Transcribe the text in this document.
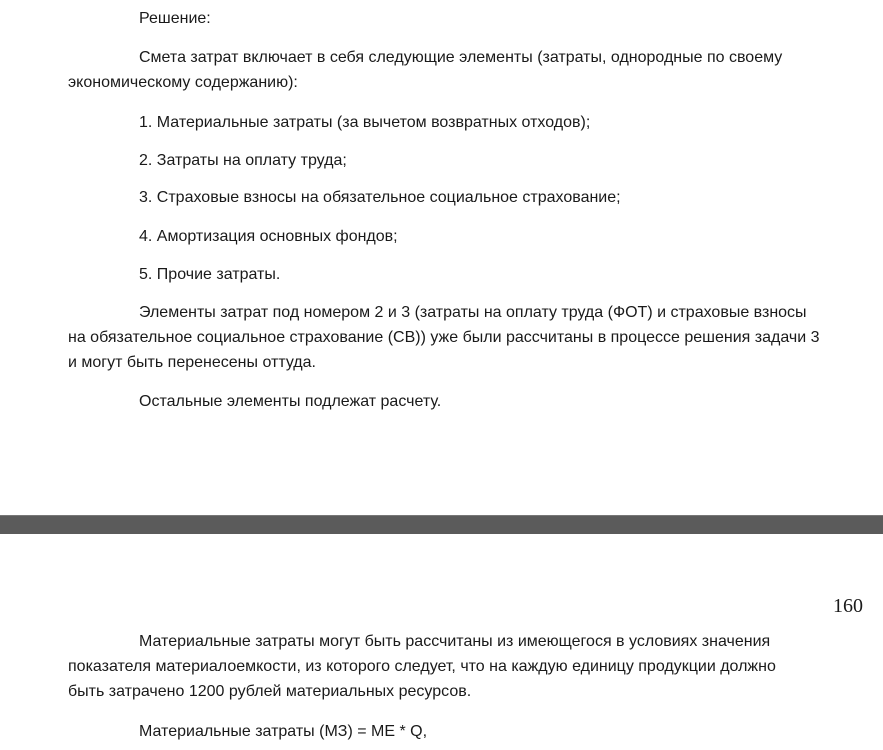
Решение:
Смета затрат включает в себя следующие элементы (затраты, однородные по своему
экономическому содержанию):
1. Материальные затраты (за вычетом возвратных отходов);
2. Затраты на оплату труда;
3. Страховые взносы на обязательное социальное страхование;
4. Амортизация основных фондов;
5. Прочие затраты.
Элементы затрат под номером 2 и 3 (затраты на оплату труда (ФОТ) и страховые взносы
на обязательное социальное страхование (СВ)) уже были рассчитаны в процессе решения задачи 3
и могут быть перенесены оттуда.
Остальные элементы подлежат расчету.
160
Материальные затраты могут быть рассчитаны из имеющегося в условиях значения
показателя материалоемкости, из которого следует, что на каждую единицу продукции должно
быть затрачено 1200 рублей материальных ресурсов.
Материальные затраты (МЗ) = МЕ * Q,
